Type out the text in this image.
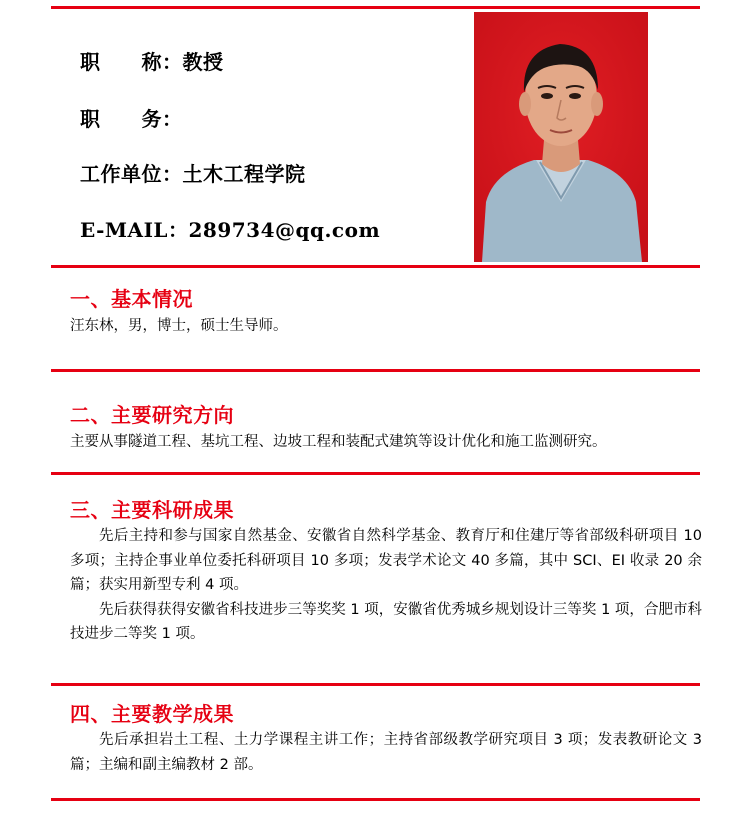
职　　称：教授
职　　务：
工作单位：土木工程学院
E-MAIL：289734@qq.com
一、基本情况

汪东林，男，博士，硕士生导师。

二、主要研究方向

主要从事隧道工程、基坑工程、边坡工程和装配式建筑等设计优化和施工监测研究。

三、主要科研成果

先后主持和参与国家自然基金、安徽省自然科学基金、教育厅和住建厅等省部级科研项目 10 多项；主持企事业单位委托科研项目 10 多项；发表学术论文 40 多篇，其中 SCI、EI 收录 20 余篇；获实用新型专利 4 项。

先后获得获得安徽省科技进步三等奖奖 1 项，安徽省优秀城乡规划设计三等奖 1 项，合肥市科技进步二等奖 1 项。

四、主要教学成果

先后承担岩土工程、土力学课程主讲工作；主持省部级教学研究项目 3 项；发表教研论文 3 篇；主编和副主编教材 2 部。
